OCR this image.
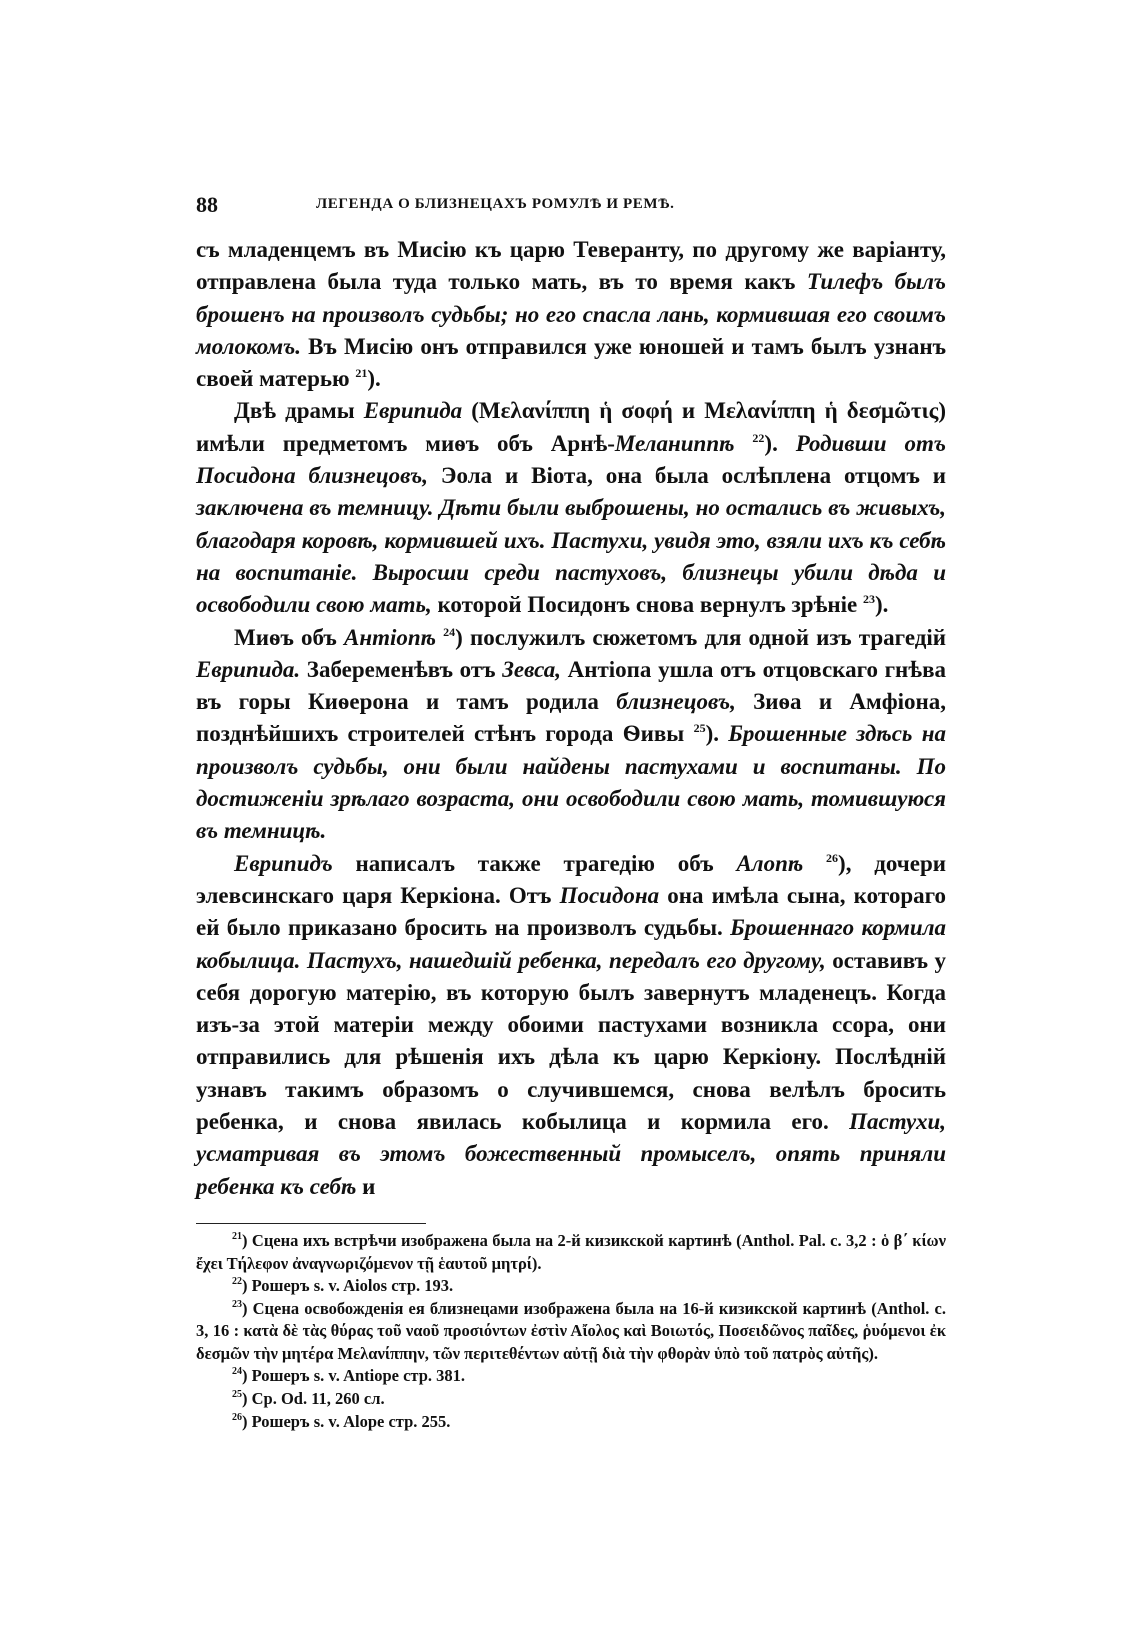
88	ЛЕГЕНДА О БЛИЗНЕЦАХЪ РОМУЛѢ И РЕМѢ.

съ младенцемъ въ Мисію къ царю Тевеpанту, по другому же варіанту, отправлена была туда только мать, въ то время какъ Тилефъ былъ брошенъ на произволъ судьбы; но его спасла лань, кормившая его своимъ молокомъ. Въ Мисію онъ отправился уже юношей и тамъ былъ узнанъ своей матерью $^{21}$).

Двѣ драмы Еврипида (Μελανίππη ἡ σοφή и Μελανίππη ἡ δεσμῶτις) имѣли предметомъ миѳъ объ Арнѣ-Меланиппѣ $^{22}$). Родивши отъ Посидона близнецовъ, Эола и Віота, она была ослѣплена отцомъ и заключена въ темницу. Дѣти были выброшены, но остались въ живыхъ, благодаря коровѣ, кормившей ихъ. Пастухи, увидя это, взяли ихъ къ себѣ на воспитаніе. Выросши среди пастуховъ, близнецы убили дѣда и освободили свою мать, которой Посидонъ снова вернулъ зрѣніе $^{23}$).

Миѳъ объ Антіопѣ $^{24}$) послужилъ сюжетомъ для одной изъ трагедій Еврипида. Забеременѣвъ отъ Зевса, Антіопа ушла отъ отцовскаго гнѣва въ горы Киѳерона и тамъ родила близнецовъ, Зиѳа и Амфіона, позднѣйшихъ строителей стѣнъ города Ѳивы $^{25}$). Брошенные здѣсь на произволъ судьбы, они были найдены пастухами и воспитаны. По достиженіи зрѣлаго возраста, они освободили свою мать, томившуюся въ темницѣ.

Еврипидъ написалъ также трагедію объ Алопѣ $^{26}$), дочери элевсинскаго царя Керкіона. Отъ Посидона она имѣла сына, котораго ей было приказано бросить на произволъ судьбы. Брошеннаго кормила кобылица. Пастухъ, нашедшій ребенка, передалъ его другому, оставивъ у себя дорогую матерію, въ которую былъ завернутъ младенецъ. Когда изъ-за этой матеріи между обоими пастухами возникла ссора, они отправились для рѣшенія ихъ дѣла къ царю Керкіону. Послѣдній узнавъ такимъ образомъ о случившемся, снова велѣлъ бросить ребенка, и снова явилась кобылица и кормила его. Пастухи, усматривая въ этомъ божественный промыселъ, опять приняли ребенка къ себѣ и

$^{21}$) Сцена ихъ встрѣчи изображена была на 2-й кизикской картинѣ (Anthol. Pal. c. 3,2 : ὁ β΄ κίων ἔχει Τήλεφον ἀναγνωριζόμενον τῇ ἑαυτοῦ μητρί).

$^{22}$) Рошеръ s. v. Aiolos стр. 193.

$^{23}$) Сцена освобожденія ея близнецами изображена была на 16-й кизикской картинѣ (Anthol. c. 3, 16 : κατὰ δὲ τὰς θύρας τοῦ ναοῦ προσιόντων ἐστὶν Αἴολος καὶ Βοιωτός, Ποσειδῶνος παῖδες, ῥυόμενοι ἐκ δεσμῶν τὴν μητέρα Μελανίππην, τῶν περιτεθέντων αὐτῇ διὰ τὴν φθορὰν ὑπὸ τοῦ πατρὸς αὐτῆς).

$^{24}$) Рошеръ s. v. Antiope стр. 381.

$^{25}$) Cp. Od. 11, 260 сл.

$^{26}$) Рошеръ s. v. Alope стр. 255.
